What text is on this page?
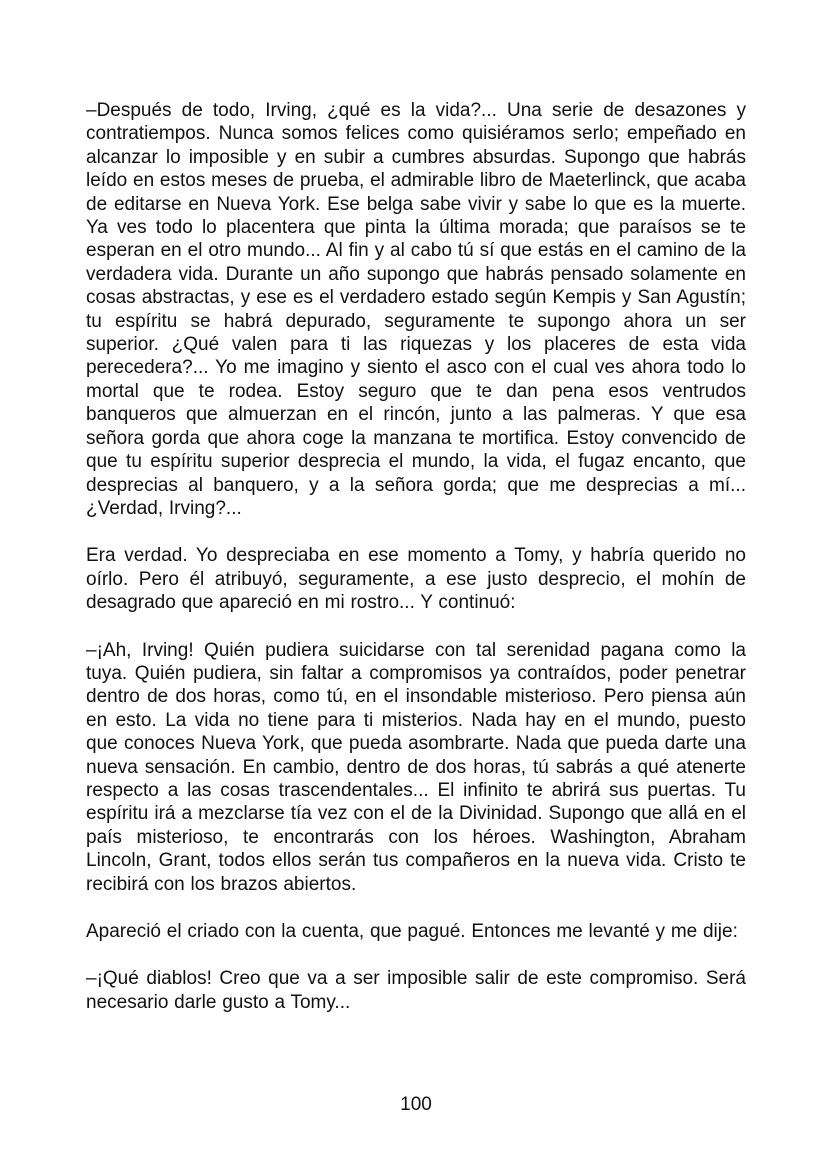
–Después de todo, Irving, ¿qué es la vida?... Una serie de desazones y contratiempos. Nunca somos felices como quisiéramos serlo; empeñado en alcanzar lo imposible y en subir a cumbres absurdas. Supongo que habrás leído en estos meses de prueba, el admirable libro de Maeterlinck, que acaba de editarse en Nueva York. Ese belga sabe vivir y sabe lo que es la muerte. Ya ves todo lo placentera que pinta la última morada; que paraísos se te esperan en el otro mundo... Al fin y al cabo tú sí que estás en el camino de la verdadera vida. Durante un año supongo que habrás pensado solamente en cosas abstractas, y ese es el verdadero estado según Kempis y San Agustín; tu espíritu se habrá depurado, seguramente te supongo ahora un ser superior. ¿Qué valen para ti las riquezas y los placeres de esta vida perecedera?... Yo me imagino y siento el asco con el cual ves ahora todo lo mortal que te rodea. Estoy seguro que te dan pena esos ventrudos banqueros que almuerzan en el rincón, junto a las palmeras. Y que esa señora gorda que ahora coge la manzana te mortifica. Estoy convencido de que tu espíritu superior desprecia el mundo, la vida, el fugaz encanto, que desprecias al banquero, y a la señora gorda; que me desprecias a mí... ¿Verdad, Irving?...

Era verdad. Yo despreciaba en ese momento a Tomy, y habría querido no oírlo. Pero él atribuyó, seguramente, a ese justo desprecio, el mohín de desagrado que apareció en mi rostro... Y continuó:

–¡Ah, Irving! Quién pudiera suicidarse con tal serenidad pagana como la tuya. Quién pudiera, sin faltar a compromisos ya contraídos, poder penetrar dentro de dos horas, como tú, en el insondable misterioso. Pero piensa aún en esto. La vida no tiene para ti misterios. Nada hay en el mundo, puesto que conoces Nueva York, que pueda asombrarte. Nada que pueda darte una nueva sensación. En cambio, dentro de dos horas, tú sabrás a qué atenerte respecto a las cosas trascendentales... El infinito te abrirá sus puertas. Tu espíritu irá a mezclarse tía vez con el de la Divinidad. Supongo que allá en el país misterioso, te encontrarás con los héroes. Washington, Abraham Lincoln, Grant, todos ellos serán tus compañeros en la nueva vida. Cristo te recibirá con los brazos abiertos.

Apareció el criado con la cuenta, que pagué. Entonces me levanté y me dije:

–¡Qué diablos! Creo que va a ser imposible salir de este compromiso. Será necesario darle gusto a Tomy...

100
